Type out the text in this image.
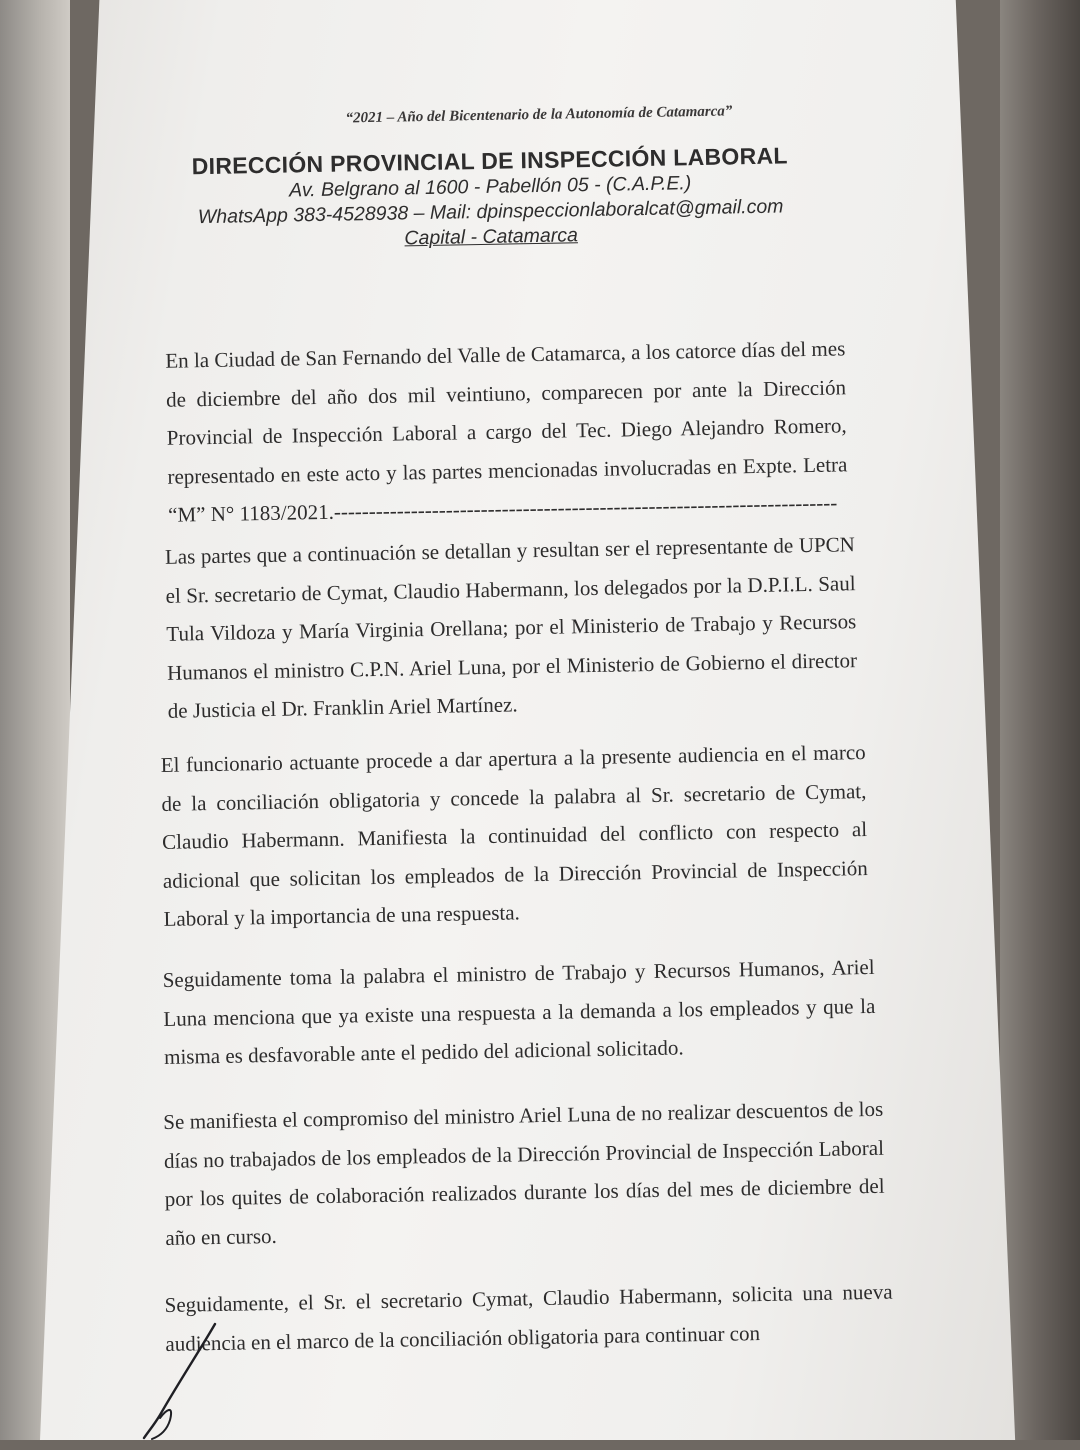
“2021 – Año del Bicentenario de la Autonomía de Catamarca”
DIRECCIÓN PROVINCIAL DE INSPECCIÓN LABORAL
Av. Belgrano al 1600 - Pabellón 05 - (C.A.P.E.)
WhatsApp 383-4528938 – Mail: dpinspeccionlaboralcat@gmail.com
Capital - Catamarca

En la Ciudad de San Fernando del Valle de Catamarca, a los catorce días del mes de diciembre del año dos mil veintiuno, comparecen por ante la Dirección Provincial de Inspección Laboral a cargo del Tec. Diego Alejandro Romero, representado en este acto y las partes mencionadas involucradas en Expte. Letra “M” N° 1183/2021.------------------------------------------------------------------------

Las partes que a continuación se detallan y resultan ser el representante de UPCN el Sr. secretario de Cymat, Claudio Habermann, los delegados por la D.P.I.L. Saul Tula Vildoza y María Virginia Orellana; por el Ministerio de Trabajo y Recursos Humanos el ministro C.P.N. Ariel Luna, por el Ministerio de Gobierno el director de Justicia el Dr. Franklin Ariel Martínez.

El funcionario actuante procede a dar apertura a la presente audiencia en el marco de la conciliación obligatoria y concede la palabra al Sr. secretario de Cymat, Claudio Habermann. Manifiesta la continuidad del conflicto con respecto al adicional que solicitan los empleados de la Dirección Provincial de Inspección Laboral y la importancia de una respuesta.

Seguidamente toma la palabra el ministro de Trabajo y Recursos Humanos, Ariel Luna menciona que ya existe una respuesta a la demanda a los empleados y que la misma es desfavorable ante el pedido del adicional solicitado.

Se manifiesta el compromiso del ministro Ariel Luna de no realizar descuentos de los días no trabajados de los empleados de la Dirección Provincial de Inspección Laboral por los quites de colaboración realizados durante los días del mes de diciembre del año en curso.

Seguidamente, el Sr. el secretario Cymat, Claudio Habermann, solicita una nueva audiencia en el marco de la conciliación obligatoria para continuar con
